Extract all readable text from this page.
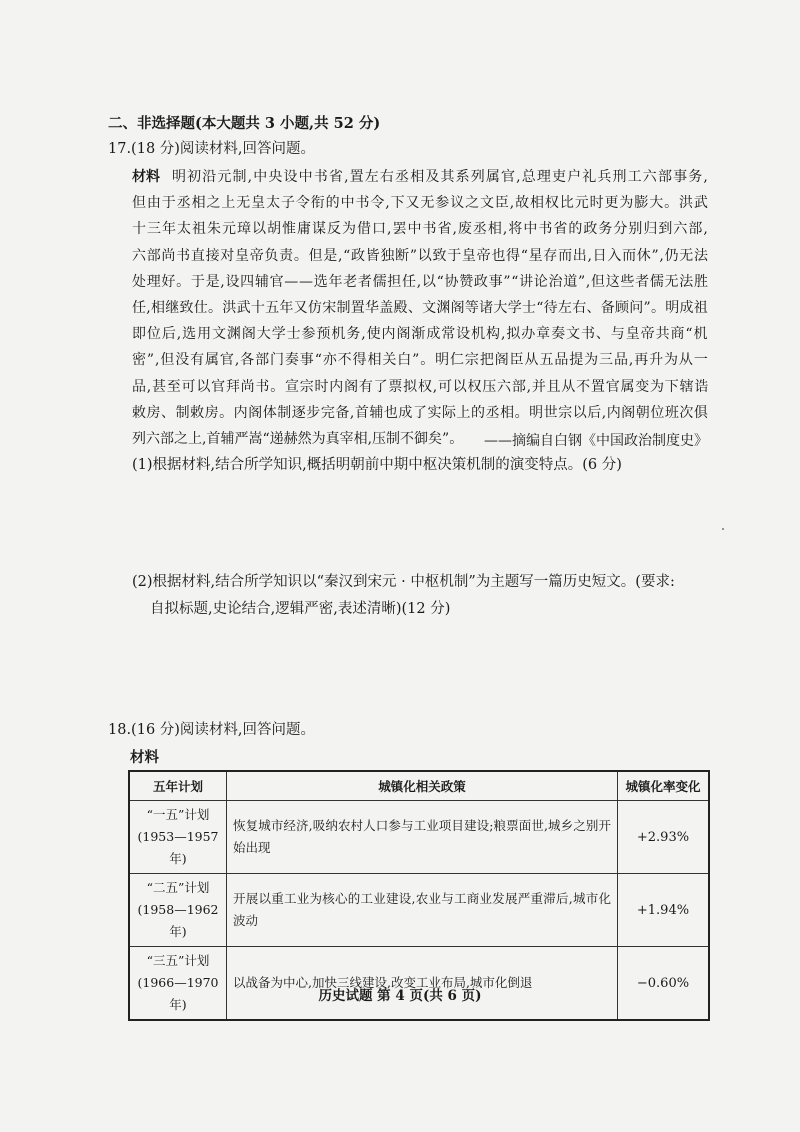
二、非选择题(本大题共 3 小题,共 52 分)
17.(18 分)阅读材料,回答问题。
材料 明初沿元制,中央设中书省,置左右丞相及其系列属官,总理吏户礼兵刑工六部事务,
但由于丞相之上无皇太子令衔的中书令,下又无参议之文臣,故相权比元时更为膨大。洪武
十三年太祖朱元璋以胡惟庸谋反为借口,罢中书省,废丞相,将中书省的政务分别归到六部,
六部尚书直接对皇帝负责。但是,“政皆独断”以致于皇帝也得“星存而出,日入而休”,仍无法
处理好。于是,设四辅官——选年老者儒担任,以“协赞政事”“讲论治道”,但这些者儒无法胜
任,相继致仕。洪武十五年又仿宋制置华盖殿、文渊阁等诸大学士“待左右、备顾问”。明成祖
即位后,选用文渊阁大学士参预机务,使内阁渐成常设机构,拟办章奏文书、与皇帝共商“机
密”,但没有属官,各部门奏事“亦不得相关白”。明仁宗把阁臣从五品提为三品,再升为从一
品,甚至可以官拜尚书。宣宗时内阁有了票拟权,可以权压六部,并且从不置官属变为下辖诰
敕房、制敕房。内阁体制逐步完备,首辅也成了实际上的丞相。明世宗以后,内阁朝位班次俱
列六部之上,首辅严嵩“递赫然为真宰相,压制不御矣”。 ——摘编自白钢《中国政治制度史》
(1)根据材料,结合所学知识,概括明朝前中期中枢决策机制的演变特点。(6 分)
(2)根据材料,结合所学知识以“秦汉到宋元 · 中枢机制”为主题写一篇历史短文。(要求:
自拟标题,史论结合,逻辑严密,表述清晰)(12 分)
18.(16 分)阅读材料,回答问题。
材料
五年计划	城镇化相关政策	城镇化率变化

“一五”计划
(1953—1957 年)	恢复城市经济,吸纳农村人口参与工业项目建设;粮票面世,城乡之别开始出现	+2.93%

“二五”计划
(1958—1962 年)	开展以重工业为核心的工业建设,农业与工商业发展严重滞后,城市化波动	+1.94%

“三五”计划
(1966—1970 年)	以战备为中心,加快三线建设,改变工业布局,城市化倒退	−0.60%
历史试题 第 4 页(共 6 页)
